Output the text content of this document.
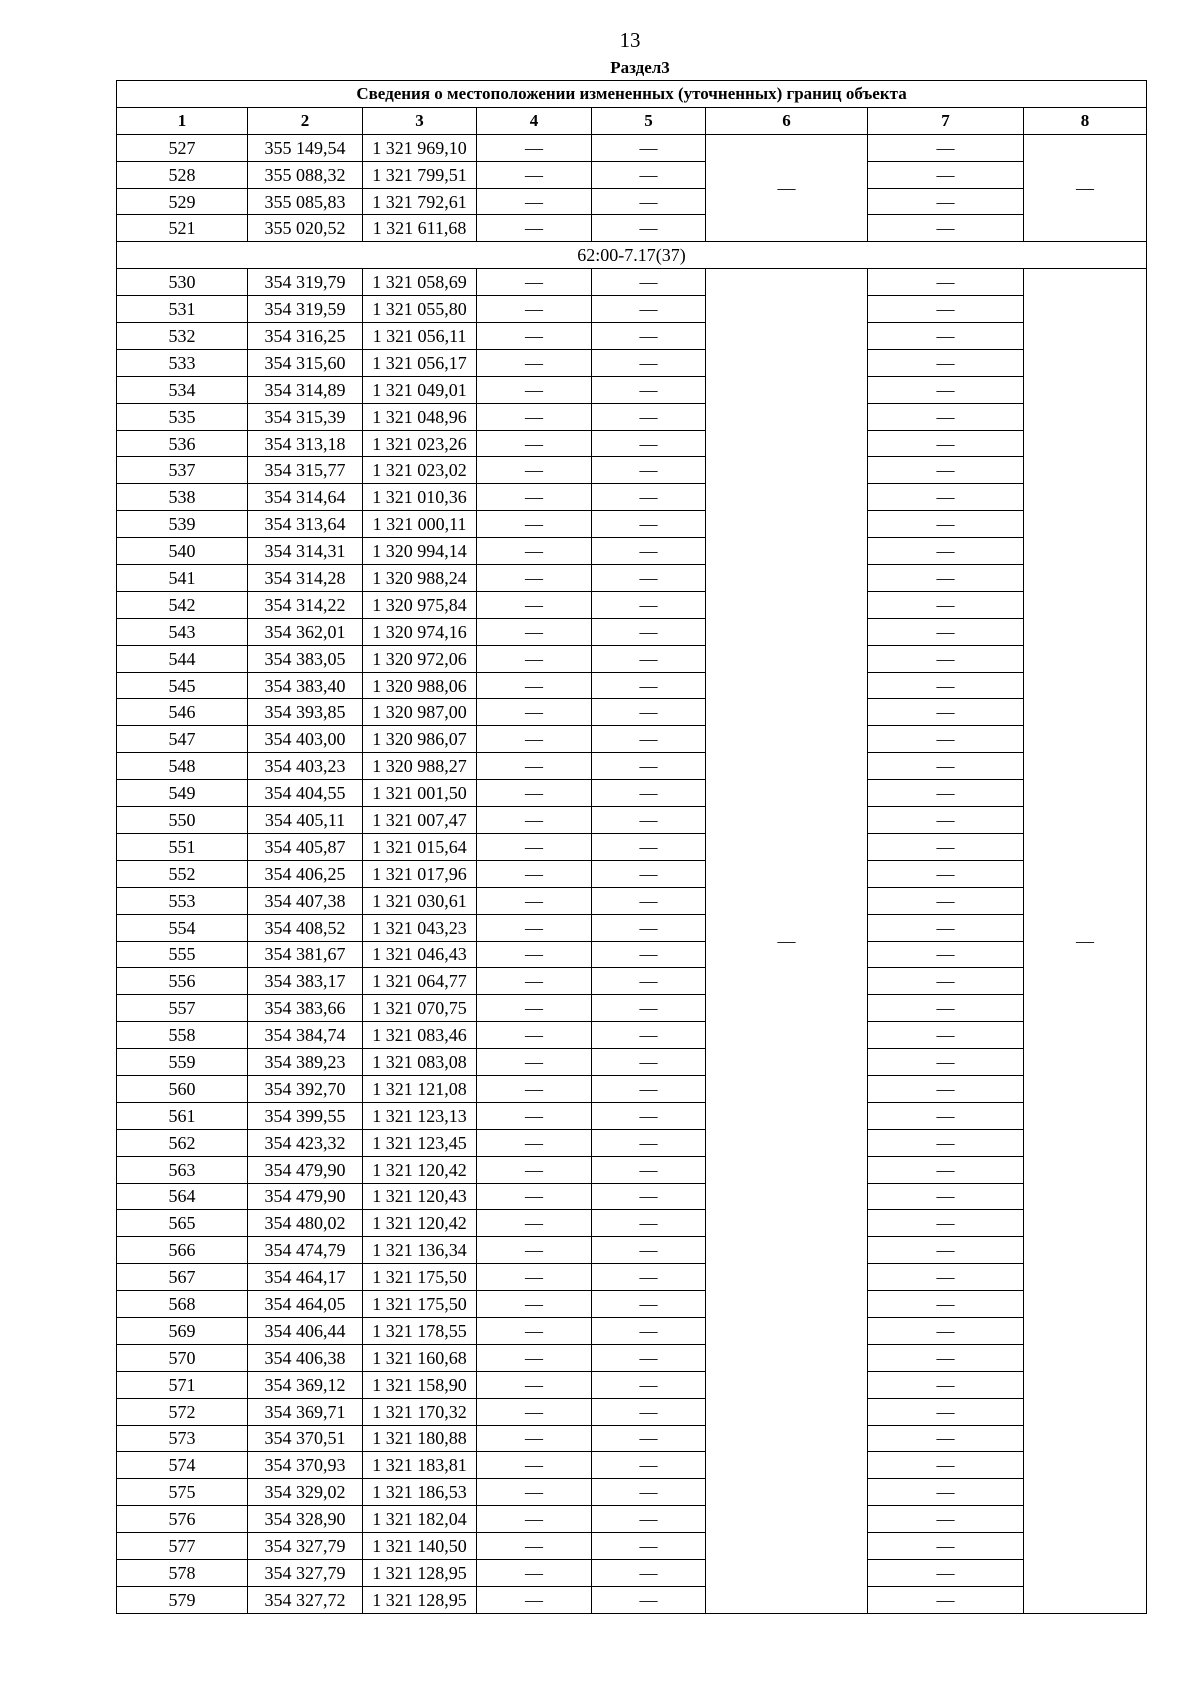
13
Раздел3
Сведения о местоположении измененных (уточненных) границ объекта							
1	2	3	4	5	6	7	8
527	355 149,54	1 321 969,10	—	—	—	—	—
528	355 088,32	1 321 799,51	—	—		—	
529	355 085,83	1 321 792,61	—	—		—	
521	355 020,52	1 321 611,68	—	—		—	
62:00-7.17(37)							
530	354 319,79	1 321 058,69	—	—	—	—	—
531	354 319,59	1 321 055,80	—	—		—	
532	354 316,25	1 321 056,11	—	—		—	
533	354 315,60	1 321 056,17	—	—		—	
534	354 314,89	1 321 049,01	—	—		—	
535	354 315,39	1 321 048,96	—	—		—	
536	354 313,18	1 321 023,26	—	—		—	
537	354 315,77	1 321 023,02	—	—		—	
538	354 314,64	1 321 010,36	—	—		—	
539	354 313,64	1 321 000,11	—	—		—	
540	354 314,31	1 320 994,14	—	—		—	
541	354 314,28	1 320 988,24	—	—		—	
542	354 314,22	1 320 975,84	—	—		—	
543	354 362,01	1 320 974,16	—	—		—	
544	354 383,05	1 320 972,06	—	—		—	
545	354 383,40	1 320 988,06	—	—		—	
546	354 393,85	1 320 987,00	—	—		—	
547	354 403,00	1 320 986,07	—	—		—	
548	354 403,23	1 320 988,27	—	—		—	
549	354 404,55	1 321 001,50	—	—		—	
550	354 405,11	1 321 007,47	—	—		—	
551	354 405,87	1 321 015,64	—	—		—	
552	354 406,25	1 321 017,96	—	—		—	
553	354 407,38	1 321 030,61	—	—		—	
554	354 408,52	1 321 043,23	—	—		—	
555	354 381,67	1 321 046,43	—	—		—	
556	354 383,17	1 321 064,77	—	—		—	
557	354 383,66	1 321 070,75	—	—		—	
558	354 384,74	1 321 083,46	—	—		—	
559	354 389,23	1 321 083,08	—	—		—	
560	354 392,70	1 321 121,08	—	—		—	
561	354 399,55	1 321 123,13	—	—		—	
562	354 423,32	1 321 123,45	—	—		—	
563	354 479,90	1 321 120,42	—	—		—	
564	354 479,90	1 321 120,43	—	—		—	
565	354 480,02	1 321 120,42	—	—		—	
566	354 474,79	1 321 136,34	—	—		—	
567	354 464,17	1 321 175,50	—	—		—	
568	354 464,05	1 321 175,50	—	—		—	
569	354 406,44	1 321 178,55	—	—		—	
570	354 406,38	1 321 160,68	—	—		—	
571	354 369,12	1 321 158,90	—	—		—	
572	354 369,71	1 321 170,32	—	—		—	
573	354 370,51	1 321 180,88	—	—		—	
574	354 370,93	1 321 183,81	—	—		—	
575	354 329,02	1 321 186,53	—	—		—	
576	354 328,90	1 321 182,04	—	—		—	
577	354 327,79	1 321 140,50	—	—		—	
578	354 327,79	1 321 128,95	—	—		—	
579	354 327,72	1 321 128,95	—	—		—	
